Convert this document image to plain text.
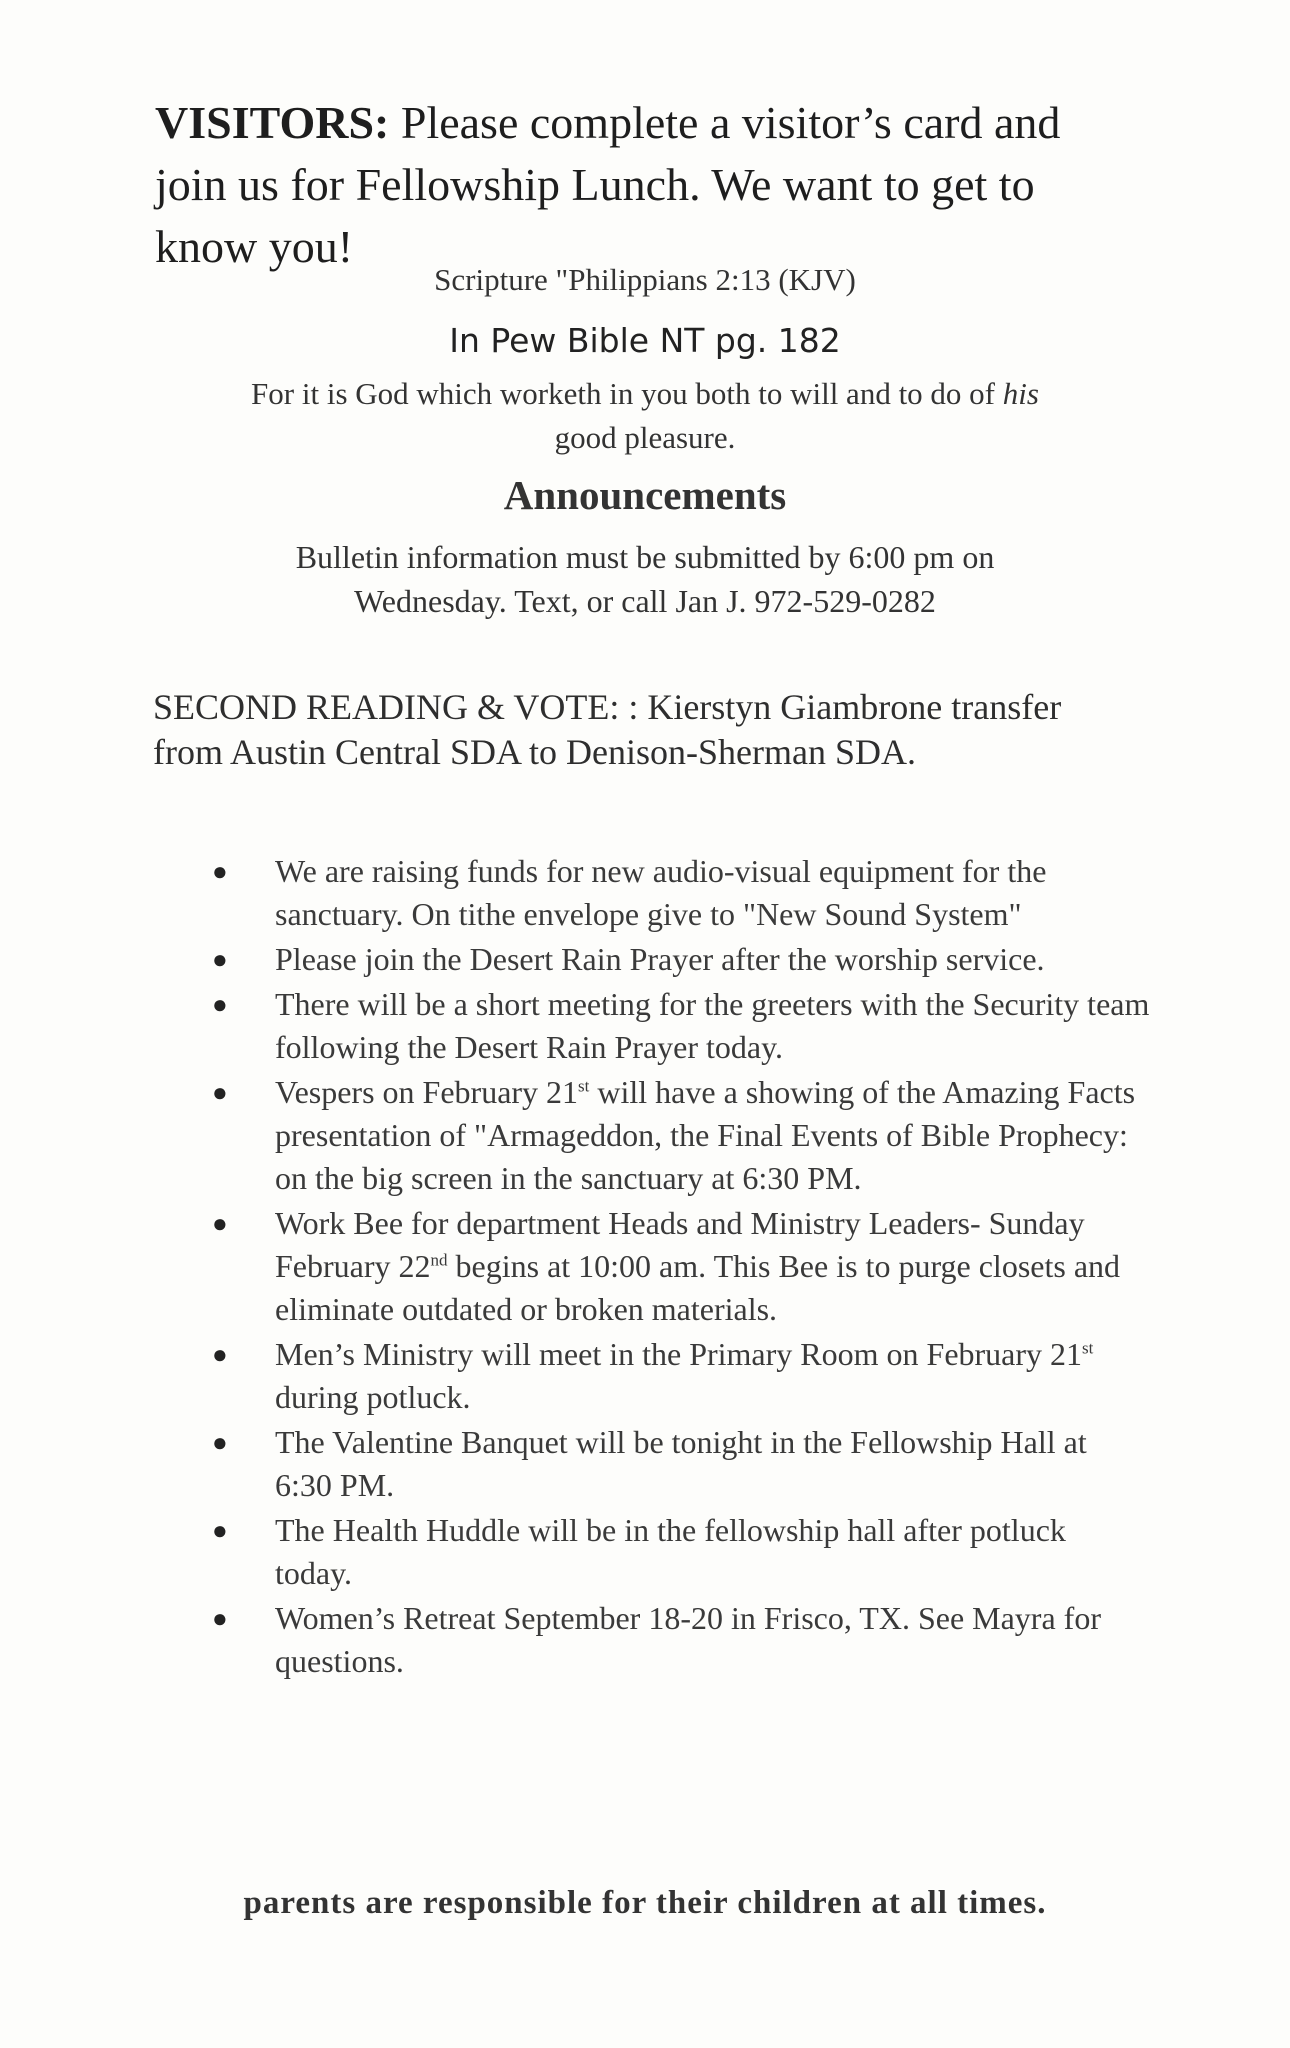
VISITORS: Please complete a visitor’s card and join us for Fellowship Lunch. We want to get to know you!
Scripture "Philippians 2:13 (KJV)
In Pew Bible NT pg. 182
For it is God which worketh in you both to will and to do of his
good pleasure.
Announcements
Bulletin information must be submitted by 6:00 pm on
Wednesday. Text, or call Jan J. 972-529-0282
SECOND READING & VOTE: : Kierstyn Giambrone transfer from Austin Central SDA to Denison-Sherman SDA.
● We are raising funds for new audio-visual equipment for the sanctuary. On tithe envelope give to "New Sound System"
● Please join the Desert Rain Prayer after the worship service.
● There will be a short meeting for the greeters with the Security team following the Desert Rain Prayer today.
● Vespers on February 21st will have a showing of the Amazing Facts presentation of "Armageddon, the Final Events of Bible Prophecy: on the big screen in the sanctuary at 6:30 PM.
● Work Bee for department Heads and Ministry Leaders- Sunday February 22nd begins at 10:00 am. This Bee is to purge closets and eliminate outdated or broken materials.
● Men’s Ministry will meet in the Primary Room on February 21st during potluck.
● The Valentine Banquet will be tonight in the Fellowship Hall at 6:30 PM.
● The Health Huddle will be in the fellowship hall after potluck today.
● Women’s Retreat September 18-20 in Frisco, TX. See Mayra for questions.
parents are responsible for their children at all times.
